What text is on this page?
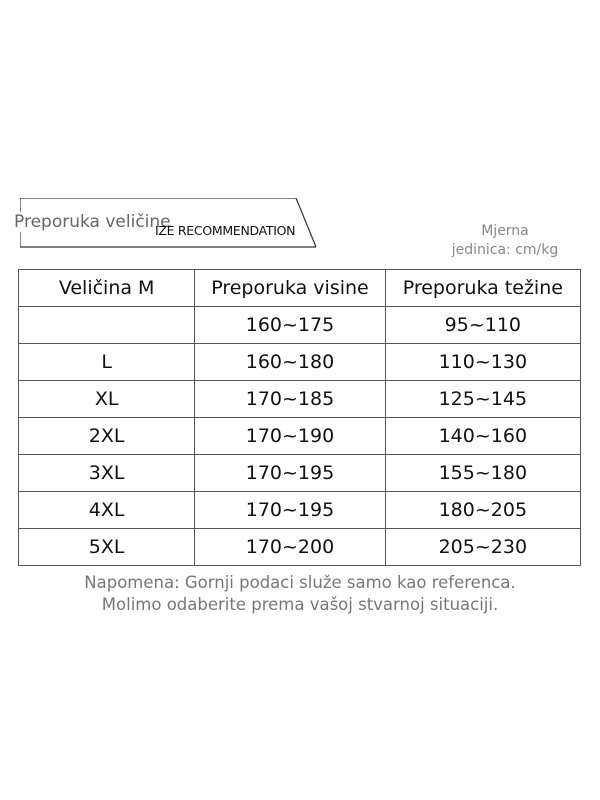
Preporuka veličine
IZE RECOMMENDATION	Mjerna
jedinica: cm/kg
Veličina M	Preporuka visine	Preporuka težine
	160~175	95~110
L	160~180	110~130
XL	170~185	125~145
2XL	170~190	140~160
3XL	170~195	155~180
4XL	170~195	180~205
5XL	170~200	205~230
Napomena: Gornji podaci služe samo kao referenca.
Molimo odaberite prema vašoj stvarnoj situaciji.
